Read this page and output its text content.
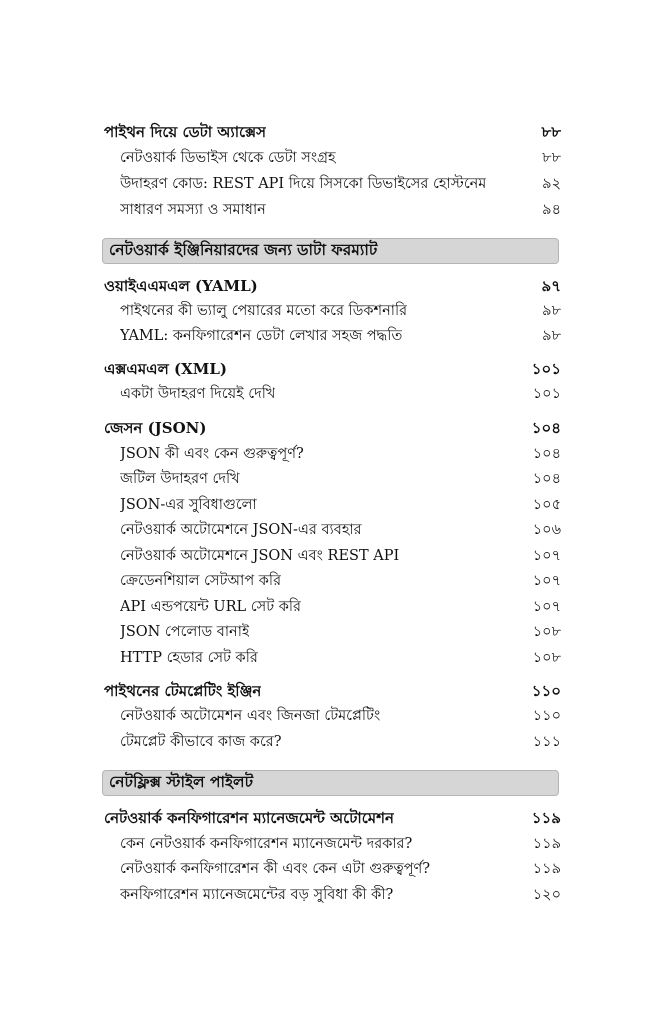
পাইথন দিয়ে ডেটা অ্যাক্সেস	৮৮
নেটওয়ার্ক ডিভাইস থেকে ডেটা সংগ্রহ	৮৮
উদাহরণ কোড: REST API দিয়ে সিসকো ডিভাইসের হোস্টনেম	৯২
সাধারণ সমস্যা ও সমাধান	৯৪
নেটওয়ার্ক ইঞ্জিনিয়ারদের জন্য ডাটা ফরম্যাট
ওয়াইএএমএল (YAML)	৯৭
পাইথনের কী ভ্যালু পেয়ারের মতো করে ডিকশনারি	৯৮
YAML: কনফিগারেশন ডেটা লেখার সহজ পদ্ধতি	৯৮
এক্সএমএল (XML)	১০১
একটা উদাহরণ দিয়েই দেখি	১০১
জেসন (JSON)	১০৪
JSON কী এবং কেন গুরুত্বপূর্ণ?	১০৪
জটিল উদাহরণ দেখি	১০৪
JSON-এর সুবিধাগুলো	১০৫
নেটওয়ার্ক অটোমেশনে JSON-এর ব্যবহার	১০৬
নেটওয়ার্ক অটোমেশনে JSON এবং REST API	১০৭
ক্রেডেনশিয়াল সেটআপ করি	১০৭
API এন্ডপয়েন্ট URL সেট করি	১০৭
JSON পেলোড বানাই	১০৮
HTTP হেডার সেট করি	১০৮
পাইথনের টেমপ্লেটিং ইঞ্জিন	১১০
নেটওয়ার্ক অটোমেশন এবং জিনজা টেমপ্লেটিং	১১০
টেমপ্লেট কীভাবে কাজ করে?	১১১
নেটফ্লিক্স স্টাইল পাইলট
নেটওয়ার্ক কনফিগারেশন ম্যানেজমেন্ট অটোমেশন	১১৯
কেন নেটওয়ার্ক কনফিগারেশন ম্যানেজমেন্ট দরকার?	১১৯
নেটওয়ার্ক কনফিগারেশন কী এবং কেন এটা গুরুত্বপূর্ণ?	১১৯
কনফিগারেশন ম্যানেজমেন্টের বড় সুবিধা কী কী?	১২০
